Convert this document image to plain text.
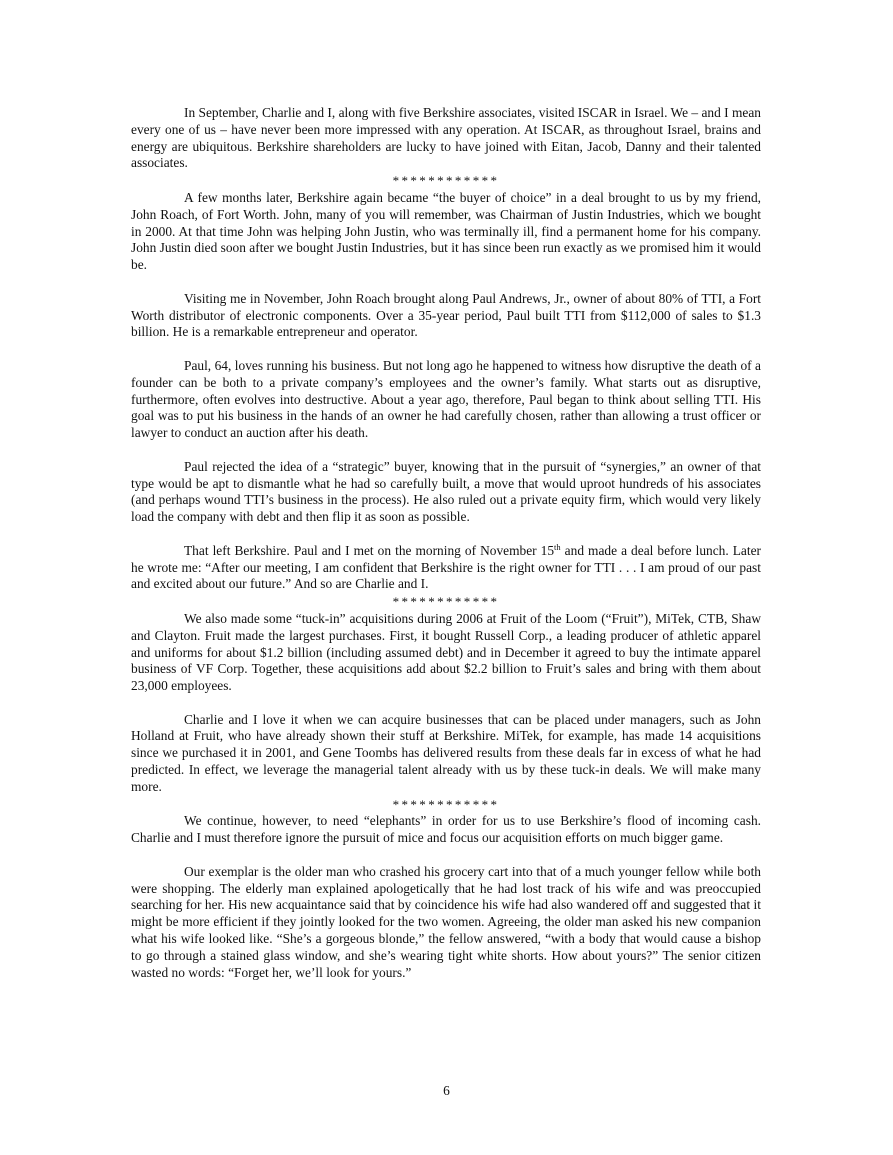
In September, Charlie and I, along with five Berkshire associates, visited ISCAR in Israel. We – and I mean every one of us – have never been more impressed with any operation. At ISCAR, as throughout Israel, brains and energy are ubiquitous. Berkshire shareholders are lucky to have joined with Eitan, Jacob, Danny and their talented associates.

************

A few months later, Berkshire again became “the buyer of choice” in a deal brought to us by my friend, John Roach, of Fort Worth. John, many of you will remember, was Chairman of Justin Industries, which we bought in 2000. At that time John was helping John Justin, who was terminally ill, find a permanent home for his company. John Justin died soon after we bought Justin Industries, but it has since been run exactly as we promised him it would be.

Visiting me in November, John Roach brought along Paul Andrews, Jr., owner of about 80% of TTI, a Fort Worth distributor of electronic components. Over a 35-year period, Paul built TTI from $112,000 of sales to $1.3 billion. He is a remarkable entrepreneur and operator.

Paul, 64, loves running his business. But not long ago he happened to witness how disruptive the death of a founder can be both to a private company’s employees and the owner’s family. What starts out as disruptive, furthermore, often evolves into destructive. About a year ago, therefore, Paul began to think about selling TTI. His goal was to put his business in the hands of an owner he had carefully chosen, rather than allowing a trust officer or lawyer to conduct an auction after his death.

Paul rejected the idea of a “strategic” buyer, knowing that in the pursuit of “synergies,” an owner of that type would be apt to dismantle what he had so carefully built, a move that would uproot hundreds of his associates (and perhaps wound TTI’s business in the process). He also ruled out a private equity firm, which would very likely load the company with debt and then flip it as soon as possible.

That left Berkshire. Paul and I met on the morning of November 15th and made a deal before lunch. Later he wrote me: “After our meeting, I am confident that Berkshire is the right owner for TTI . . . I am proud of our past and excited about our future.” And so are Charlie and I.

************

We also made some “tuck-in” acquisitions during 2006 at Fruit of the Loom (“Fruit”), MiTek, CTB, Shaw and Clayton. Fruit made the largest purchases. First, it bought Russell Corp., a leading producer of athletic apparel and uniforms for about $1.2 billion (including assumed debt) and in December it agreed to buy the intimate apparel business of VF Corp. Together, these acquisitions add about $2.2 billion to Fruit’s sales and bring with them about 23,000 employees.

Charlie and I love it when we can acquire businesses that can be placed under managers, such as John Holland at Fruit, who have already shown their stuff at Berkshire. MiTek, for example, has made 14 acquisitions since we purchased it in 2001, and Gene Toombs has delivered results from these deals far in excess of what he had predicted. In effect, we leverage the managerial talent already with us by these tuck-in deals. We will make many more.

************

We continue, however, to need “elephants” in order for us to use Berkshire’s flood of incoming cash. Charlie and I must therefore ignore the pursuit of mice and focus our acquisition efforts on much bigger game.

Our exemplar is the older man who crashed his grocery cart into that of a much younger fellow while both were shopping. The elderly man explained apologetically that he had lost track of his wife and was preoccupied searching for her. His new acquaintance said that by coincidence his wife had also wandered off and suggested that it might be more efficient if they jointly looked for the two women. Agreeing, the older man asked his new companion what his wife looked like. “She’s a gorgeous blonde,” the fellow answered, “with a body that would cause a bishop to go through a stained glass window, and she’s wearing tight white shorts. How about yours?” The senior citizen wasted no words: “Forget her, we’ll look for yours.”

6
